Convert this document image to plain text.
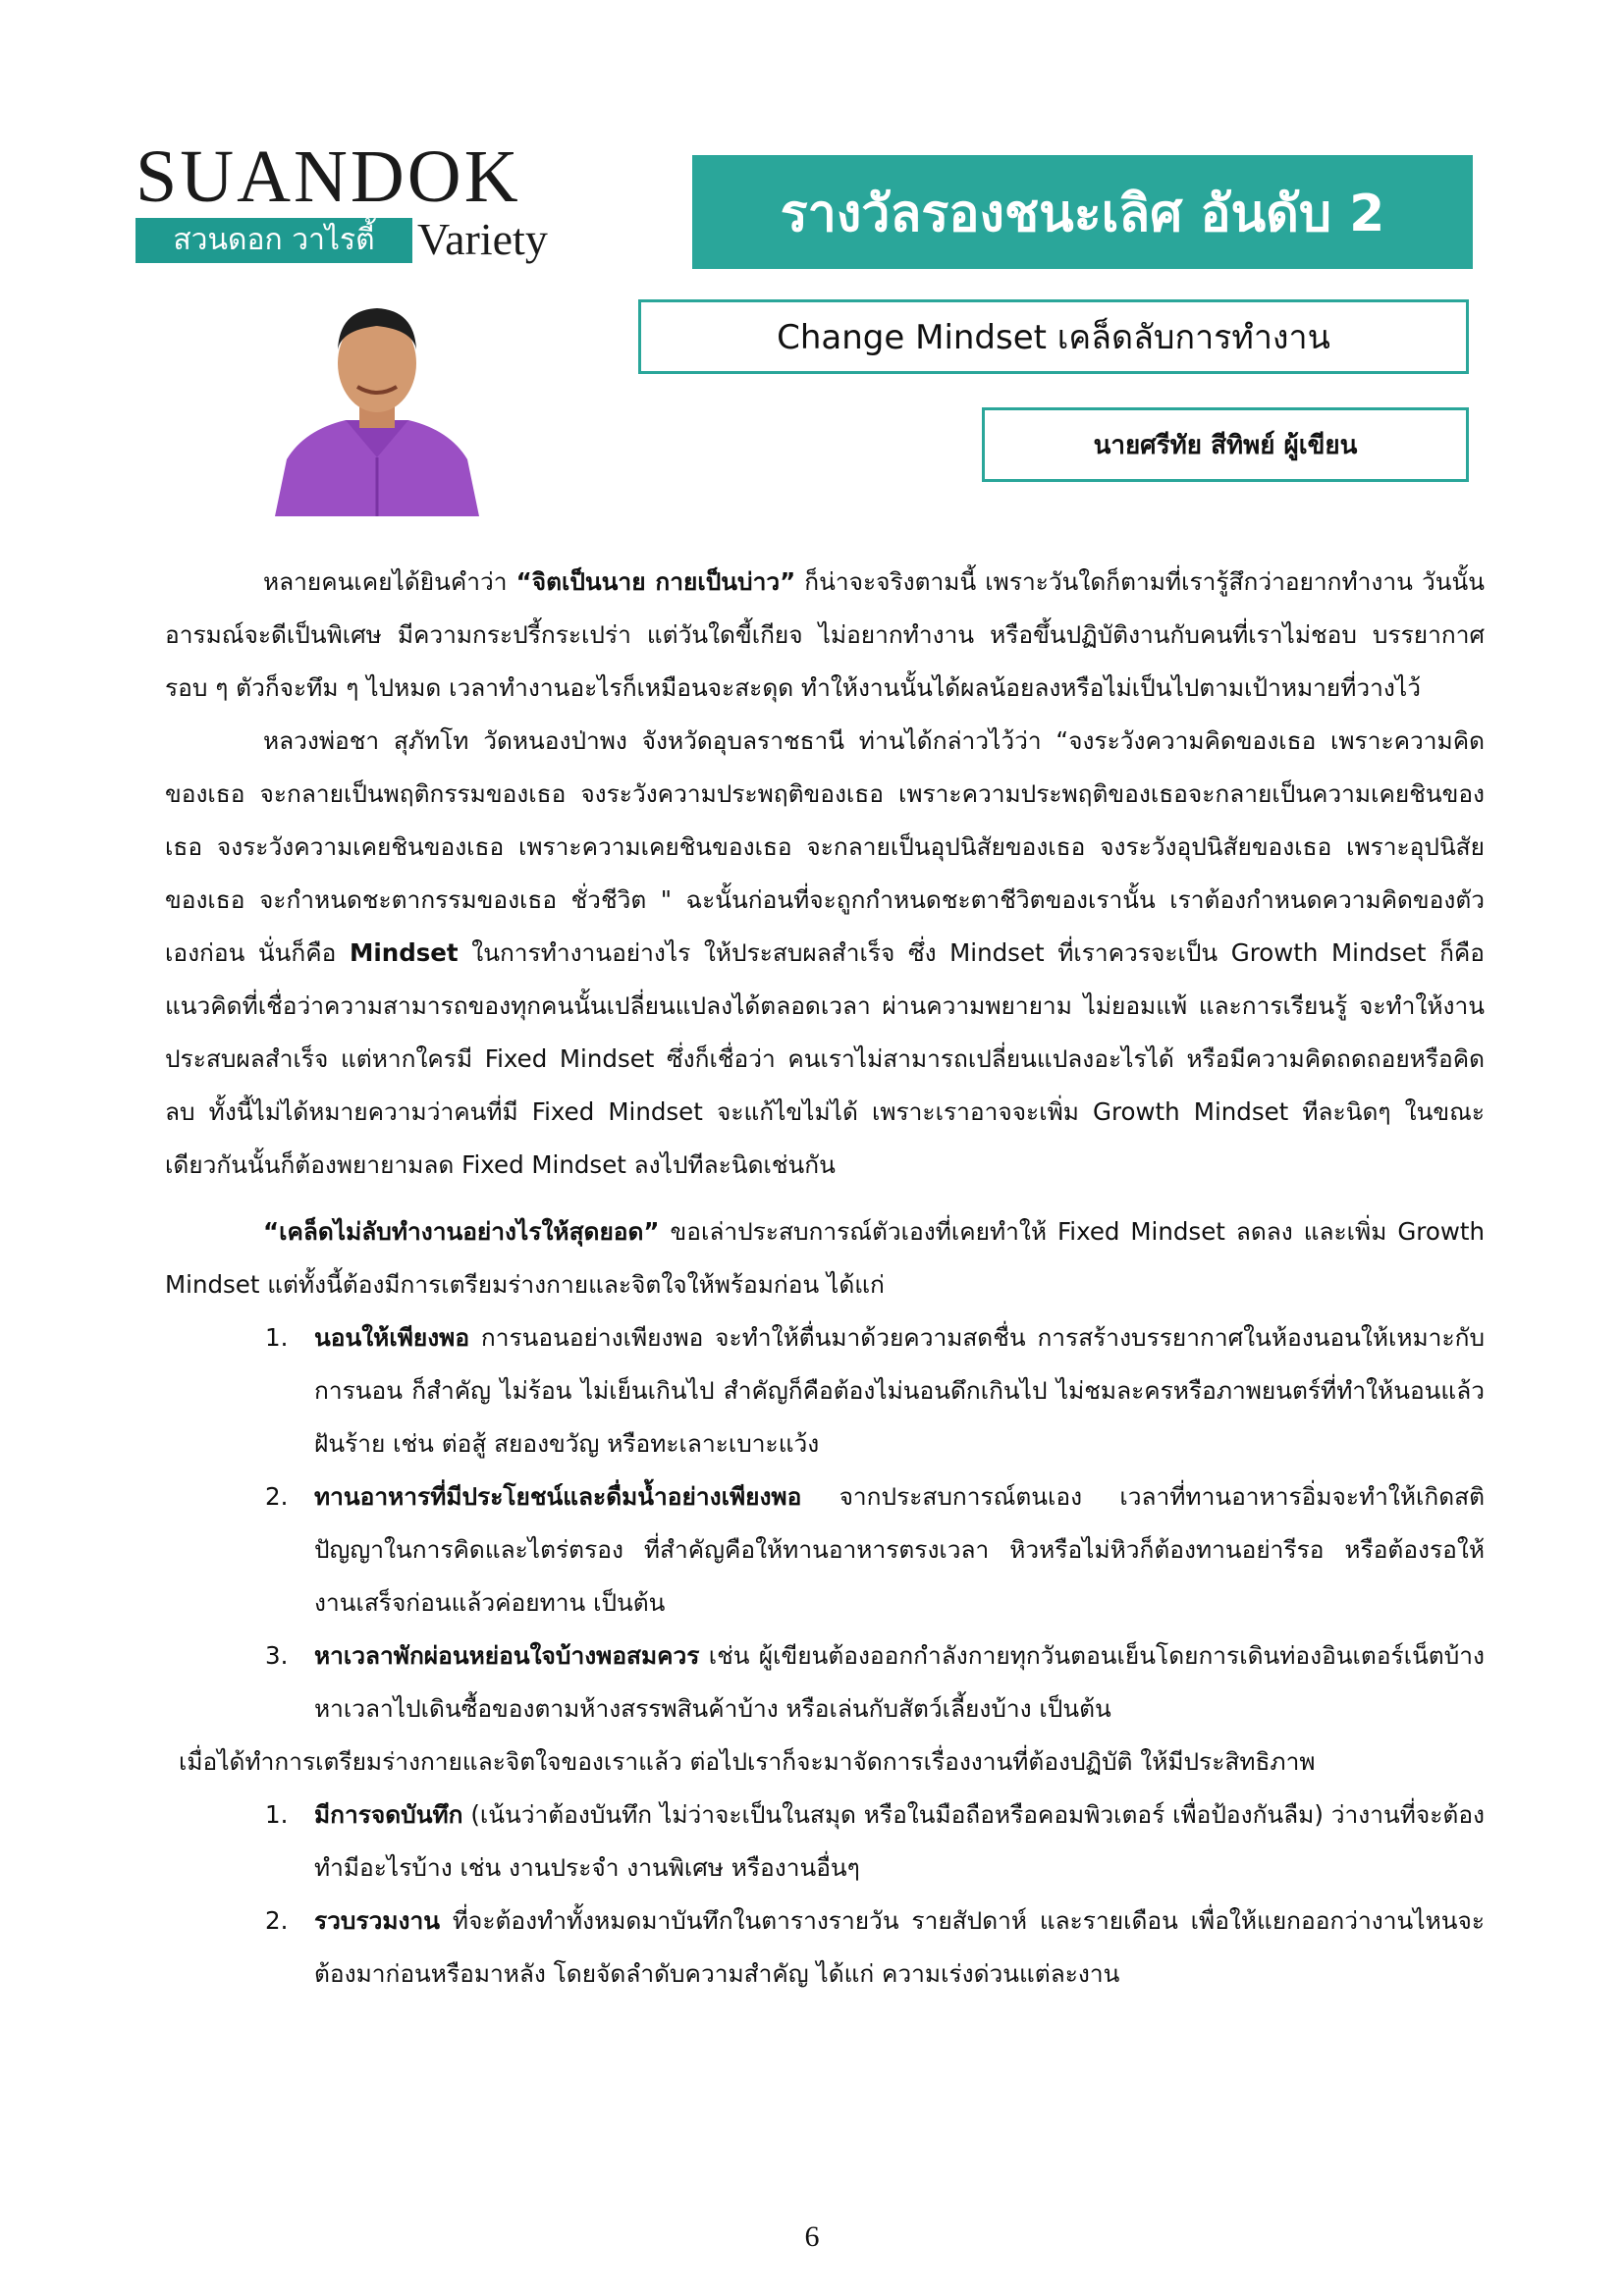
SUANDOK
สวนดอก วาไรตี้ Variety	รางวัลรองชนะเลิศ อันดับ 2
Change Mindset เคล็ดลับการทำงาน
นายศรีทัย สีทิพย์ ผู้เขียน

หลายคนเคยได้ยินคำว่า “จิตเป็นนาย กายเป็นบ่าว” ก็น่าจะจริงตามนี้ เพราะวันใดก็ตามที่เรารู้สึกว่าอยากทำงาน วันนั้นอารมณ์จะดีเป็นพิเศษ มีความกระปรี้กระเปร่า แต่วันใดขี้เกียจ ไม่อยากทำงาน หรือขึ้นปฏิบัติงานกับคนที่เราไม่ชอบ บรรยากาศรอบ ๆ ตัวก็จะทึม ๆ ไปหมด เวลาทำงานอะไรก็เหมือนจะสะดุด ทำให้งานนั้นได้ผลน้อยลงหรือไม่เป็นไปตามเป้าหมายที่วางไว้

หลวงพ่อชา สุภัทโท วัดหนองป่าพง จังหวัดอุบลราชธานี ท่านได้กล่าวไว้ว่า “จงระวังความคิดของเธอ เพราะความคิดของเธอ จะกลายเป็นพฤติกรรมของเธอ จงระวังความประพฤติของเธอ เพราะความประพฤติของเธอจะกลายเป็นความเคยชินของเธอ จงระวังความเคยชินของเธอ เพราะความเคยชินของเธอ จะกลายเป็นอุปนิสัยของเธอ จงระวังอุปนิสัยของเธอ เพราะอุปนิสัยของเธอ จะกำหนดชะตากรรมของเธอ ชั่วชีวิต " ฉะนั้นก่อนที่จะถูกกำหนดชะตาชีวิตของเรานั้น เราต้องกำหนดความคิดของตัวเองก่อน นั่นก็คือ Mindset ในการทำงานอย่างไร ให้ประสบผลสำเร็จ ซึ่ง Mindset ที่เราควรจะเป็น Growth Mindset ก็คือแนวคิดที่เชื่อว่าความสามารถของทุกคนนั้นเปลี่ยนแปลงได้ตลอดเวลา ผ่านความพยายาม ไม่ยอมแพ้ และการเรียนรู้ จะทำให้งานประสบผลสำเร็จ แต่หากใครมี Fixed Mindset ซึ่งก็เชื่อว่า คนเราไม่สามารถเปลี่ยนแปลงอะไรได้ หรือมีความคิดถดถอยหรือคิดลบ ทั้งนี้ไม่ได้หมายความว่าคนที่มี Fixed Mindset จะแก้ไขไม่ได้ เพราะเราอาจจะเพิ่ม Growth Mindset ทีละนิดๆ ในขณะเดียวกันนั้นก็ต้องพยายามลด Fixed Mindset ลงไปทีละนิดเช่นกัน

“เคล็ดไม่ลับทำงานอย่างไรให้สุดยอด” ขอเล่าประสบการณ์ตัวเองที่เคยทำให้ Fixed Mindset ลดลง และเพิ่ม Growth Mindset แต่ทั้งนี้ต้องมีการเตรียมร่างกายและจิตใจให้พร้อมก่อน ได้แก่

1.	นอนให้เพียงพอ การนอนอย่างเพียงพอ จะทำให้ตื่นมาด้วยความสดชื่น การสร้างบรรยากาศในห้องนอนให้เหมาะกับการนอน ก็สำคัญ ไม่ร้อน ไม่เย็นเกินไป สำคัญก็คือต้องไม่นอนดึกเกินไป ไม่ชมละครหรือภาพยนตร์ที่ทำให้นอนแล้วฝันร้าย เช่น ต่อสู้ สยองขวัญ หรือทะเลาะเบาะแว้ง
2.	ทานอาหารที่มีประโยชน์และดื่มน้ำอย่างเพียงพอ จากประสบการณ์ตนเอง เวลาที่ทานอาหารอิ่มจะทำให้เกิดสติปัญญาในการคิดและไตร่ตรอง ที่สำคัญคือให้ทานอาหารตรงเวลา หิวหรือไม่หิวก็ต้องทานอย่ารีรอ หรือต้องรอให้งานเสร็จก่อนแล้วค่อยทาน เป็นต้น
3.	หาเวลาพักผ่อนหย่อนใจบ้างพอสมควร เช่น ผู้เขียนต้องออกกำลังกายทุกวันตอนเย็นโดยการเดินท่องอินเตอร์เน็ตบ้าง หาเวลาไปเดินซื้อของตามห้างสรรพสินค้าบ้าง หรือเล่นกับสัตว์เลี้ยงบ้าง เป็นต้น

เมื่อได้ทำการเตรียมร่างกายและจิตใจของเราแล้ว ต่อไปเราก็จะมาจัดการเรื่องงานที่ต้องปฏิบัติ ให้มีประสิทธิภาพ

1.	มีการจดบันทึก (เน้นว่าต้องบันทึก ไม่ว่าจะเป็นในสมุด หรือในมือถือหรือคอมพิวเตอร์ เพื่อป้องกันลืม) ว่างานที่จะต้องทำมีอะไรบ้าง เช่น งานประจำ งานพิเศษ หรืองานอื่นๆ
2.	รวบรวมงาน ที่จะต้องทำทั้งหมดมาบันทึกในตารางรายวัน รายสัปดาห์ และรายเดือน เพื่อให้แยกออกว่างานไหนจะต้องมาก่อนหรือมาหลัง โดยจัดลำดับความสำคัญ ได้แก่ ความเร่งด่วนแต่ละงาน
6
